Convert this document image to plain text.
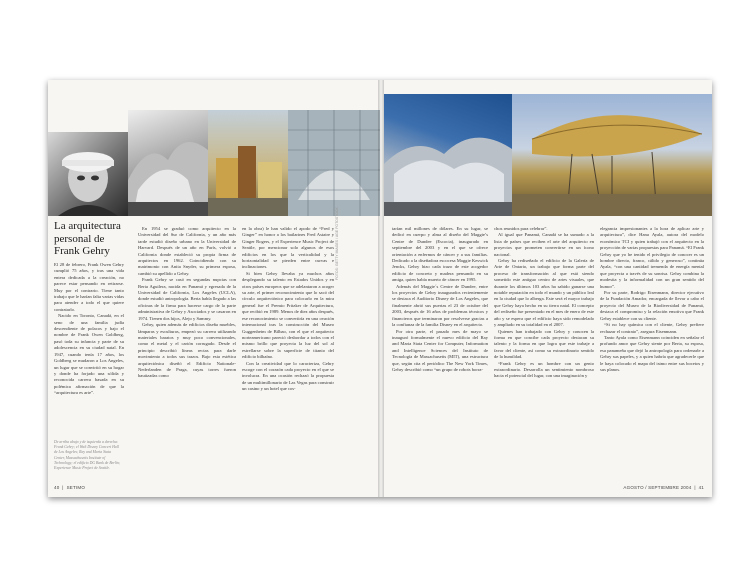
La arquitectura personal de Frank Gehry

El 28 de febrero, Frank Owen Gehry cumplió 75 años, y tras una vida entera dedicada a la creación, no parece estar pensando en retirarse. Muy por el contrario. Tiene tanto trabajo que le harían falta varias vidas para atender a todo el que quiere contratarlo.

Nacido en Toronto, Canadá, en el seno de una familia judía descendiente de polacos y bajo el nombre de Frank Owen Goldberg, pasó toda su infancia y parte de su adolescencia en su ciudad natal. En 1947, cuando tenía 17 años, los Goldberg se mudaron a Los Angeles, un lugar que se convirtió en su hogar y donde ha forjado una sólida y reconocida carrera basada en su polémica afirmación de que la “arquitectura es arte”.

De arriba abajo y de izquierda a derecha: Frank Gehry; el Walt Disney Concert Hall de Los Angeles; Ray and Maria Stata Center, Massachusetts Institute of Technology; el edificio DG Bank de Berlín; Experience Music Project de Seattle.

En 1954 se graduó como arquitecto en la Universidad del Sur de California, y un año más tarde estudió diseño urbano en la Universidad de Harvard. Después de un año en París, volvió a California donde estableció su propia firma de arquitectos en 1962. Coincidiendo con su matrimonio con Anita Snyder, su primera esposa, cambió su apellido a Gehry.

Frank Gehry se casó en segundas nupcias con Berta Aguilera, nacida en Panamá y egresada de la Universidad de California, Los Angeles (UCLA), donde estudió antropología. Berta había llegado a las oficinas de la firma para hacerse cargo de la parte administrativa de Gehry y Asociados y se casaron en 1974. Tienen dos hijos, Alejo y Sammy.

Gehry, quien además de edificios diseña muebles, lámparas y esculturas, empezó su carrera utilizando materiales baratos y muy poco convencionales, como el metal y el cartón corrugado. Desde el principio describió líneas rectas para darle movimiento a todos sus trazos. Bajo esta estética arquitectónica diseñó el Edificio Nationale-Nederlanden de Praga, cuyas torres fueron bautizadas como

en la obra) le han valido el apodo de “Fred y Ginger” en honor a los bailarines Fred Astaire y Ginger Rogers, y el Experience Music Project de Seattle, por mencionar solo algunos de esos edificios en los que la verticalidad y la horizontalidad se pierden entre curvas e inclinaciones.

Si bien Gehry llevaba ya muchos años desplegando su talento en Estados Unidos y en otros países europeos que se adelantaron a acoger su arte, el primer reconocimiento que lo sacó del círculo arquitectónico para colocarlo en la mira general fue el Premio Pritzker de Arquitectura, que recibió en 1989. Menos de diez años después, ese reconocimiento se convertiría en una ovación internacional tras la construcción del Museo Guggenheim de Bilbao, con el que el arquitecto norteamericano pareció desbordar a todos con el mismo brillo que proyecta la luz del sol al estrellarse sobre la superficie de titanio del edificio bilbaíno.

Con la creatividad que lo caracteriza, Gehry escoge con el corazón cada proyecto en el que se involucra. En una ocasión rechazó la propuesta de un multimillonario de Las Vegas para construir un casino y un hotel que cos-

FOTOS: GETTY IMAGES / AGE FOTOSTOCK
40  |  SETIMO

tarían mil millones de dólares. En su lugar, se dedicó en cuerpo y alma al diseño del Maggie’s Centre de Dundee (Escocia), inaugurado en septiembre del 2003 y en el que se ofrece orientación a enfermos de cáncer y a sus familias. Dedicado a la diseñadora escocesa Maggie Keswick Jencks, Gehry hizo cada trazo de este acogedor edificio de concreto y madera pensando en su amiga, quien había muerto de cáncer en 1995.

Además del Maggie´s Centre de Dundee, entre los proyectos de Gehry inaugurados recientemente se destaca el Auditorio Disney de Los Angeles, que finalmente abrió sus puertas el 23 de octubre del 2003, después de 16 años de problemas técnicos y financieros que terminaron por resolverse gracias a la confianza de la familia Disney en el arquitecto.

Por otra parte, el pasado mes de mayo se inauguró formalmente el nuevo edificio del Ray and Maria Stata Center for Computer, Information and Intelligence Sciences del Instituto de Tecnología de Massachusetts (MIT), una estructura que, según cita el periódico The New York Times, Gehry describió como “un grupo de robots borra-

chos reunidos para celebrar”.

Al igual que Panamá, Canadá se ha sumado a la lista de países que reciben el arte del arquitecto en proyectos que prometen convertirse en un ícono nacional.

Gehry ha rediseñado el edificio de la Galería de Arte de Ontario, un trabajo que forma parte del proceso de transformación al que está siendo sometido este antiguo centro de artes visuales, que durante los últimos 103 años ha sabido ganarse una notable reputación en todo el mundo y un público leal en la ciudad que lo alberga. Este será el mayor trabajo que Gehry haya hecho en su tierra natal. El concepto del rediseño fue presentado en el mes de enero de este año y se espera que el edificio haya sido remodelado y ampliado en su totalidad en el 2007.

Quienes han trabajado con Gehry y conocen la forma en que concibe cada proyecto destacan su talento y la forma en que logra que este trabaje a favor del cliente, así como su extraordinario sentido de la humildad.

“Frank Gehry es un hombre con un genio extraordinario. Desarrolla un sentimiento nombroso hacia el potencial del lugar, con una imaginación y

elegancia impresionantes a la hora de aplicar arte y arquitectura”, dice Hana Ayala, autora del modelo económico TCI y quien trabajó con el arquitecto en la proyección de varias propuestas para Panamá. “El Frank Gehry que yo he tenido el privilegio de conocer es un hombre directo, franco, cálido y generoso”, continúa Ayala, “con una cantidad tremenda de energía mental que proyecta a través de su sonrisa. Gehry combina la modestia y la informalidad con un gran sentido del humor”.

Por su parte, Rodrigo Eisenmann, director ejecutivo de la Fundación Amador, encargada de llevar a cabo el proyecto del Museo de la Biodiversidad de Panamá, destaca el compromiso y la relación emotiva que Frank Gehry establece con su cliente.

“Si no hay química con el cliente, Gehry prefiere rechazar el contrato”, asegura Eisenmann.

Tanto Ayala como Eisenmann coinciden en señalar el profundo amor que Gehry siente por Berta, su esposa, esa panameña que dejó la antropología para ordenarle a Gehry sus papeles, y a quien habría que agradecerle que le haya colocado el mapa del istmo entre sus bocetos y sus planos.

AGOSTO / SEPTIEMBRE 2004  |  41
